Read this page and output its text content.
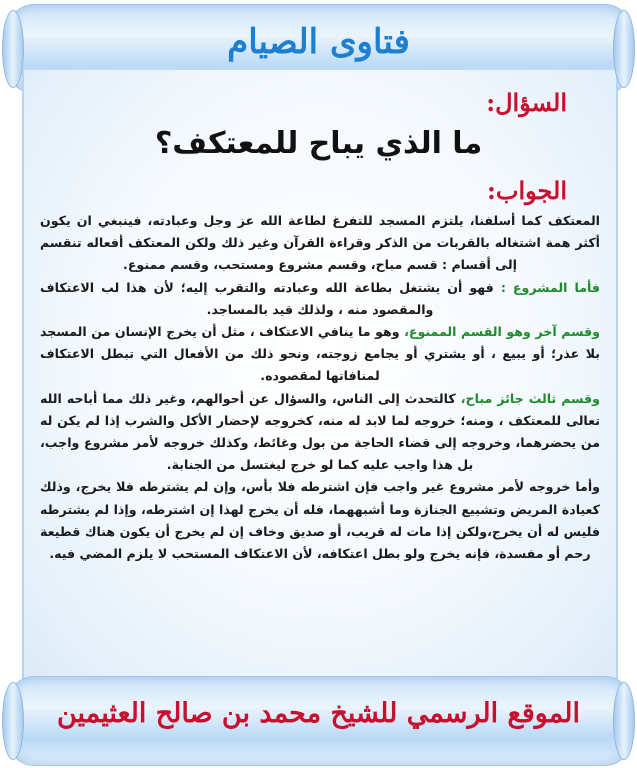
فتاوى الصيام
السؤال:
ما الذي يباح للمعتكف؟
الجواب:

المعتكف كما أسلفنا، يلتزم المسجد للتفرغ لطاعة الله عز وجل وعبادته، فينبغي ان يكون أكثر همة اشتغاله بالقربات من الذكر وقراءة القرآن وغير ذلك ولكن المعتكف أفعاله تنقسم إلى أقسام : قسم مباح، وقسم مشروع ومستحب، وقسم ممنوع.

فأما المشروع : فهو أن يشتغل بطاعة الله وعبادته والتقرب إليه؛ لأن هذا لب الاعتكاف والمقصود منه ، ولذلك قيد بالمساجد.

وقسم آخر وهو القسم الممنوع، وهو ما ينافي الاعتكاف ، مثل أن يخرج الإنسان من المسجد بلا عذر؛ أو يبيع ، أو يشتري أو يجامع زوجته، ونحو ذلك من الأفعال التي تبطل الاعتكاف لمنافاتها لمقصوده.

وقسم ثالث جائز مباح، كالتحدث إلى الناس، والسؤال عن أحوالهم، وغير ذلك مما أباحه الله تعالى للمعتكف ، ومنه؛ خروجه لما لابد له منه، كخروجه لإحضار الأكل والشرب إذا لم يكن له من يحضرهما، وخروجه إلى قضاء الحاجة من بول وغائط، وكذلك خروجه لأمر مشروع واجب، بل هذا واجب عليه كما لو خرج ليغتسل من الجنابة.

وأما خروجه لأمر مشروع غير واجب فإن اشترطه فلا بأس، وإن لم يشترطه فلا يخرج، وذلك كعيادة المريض وتشييع الجنازة وما أشبههما، فله أن يخرج لهذا إن اشترطه، وإذا لم يشترطه فليس له أن يخرج،ولكن إذا مات له قريب، أو صديق وخاف إن لم يخرج أن يكون هناك قطيعة رحم أو مفسدة، فإنه يخرج ولو بطل اعتكافه، لأن الاعتكاف المستحب لا يلزم المضي فيه.

الموقع الرسمي للشيخ محمد بن صالح العثيمين
